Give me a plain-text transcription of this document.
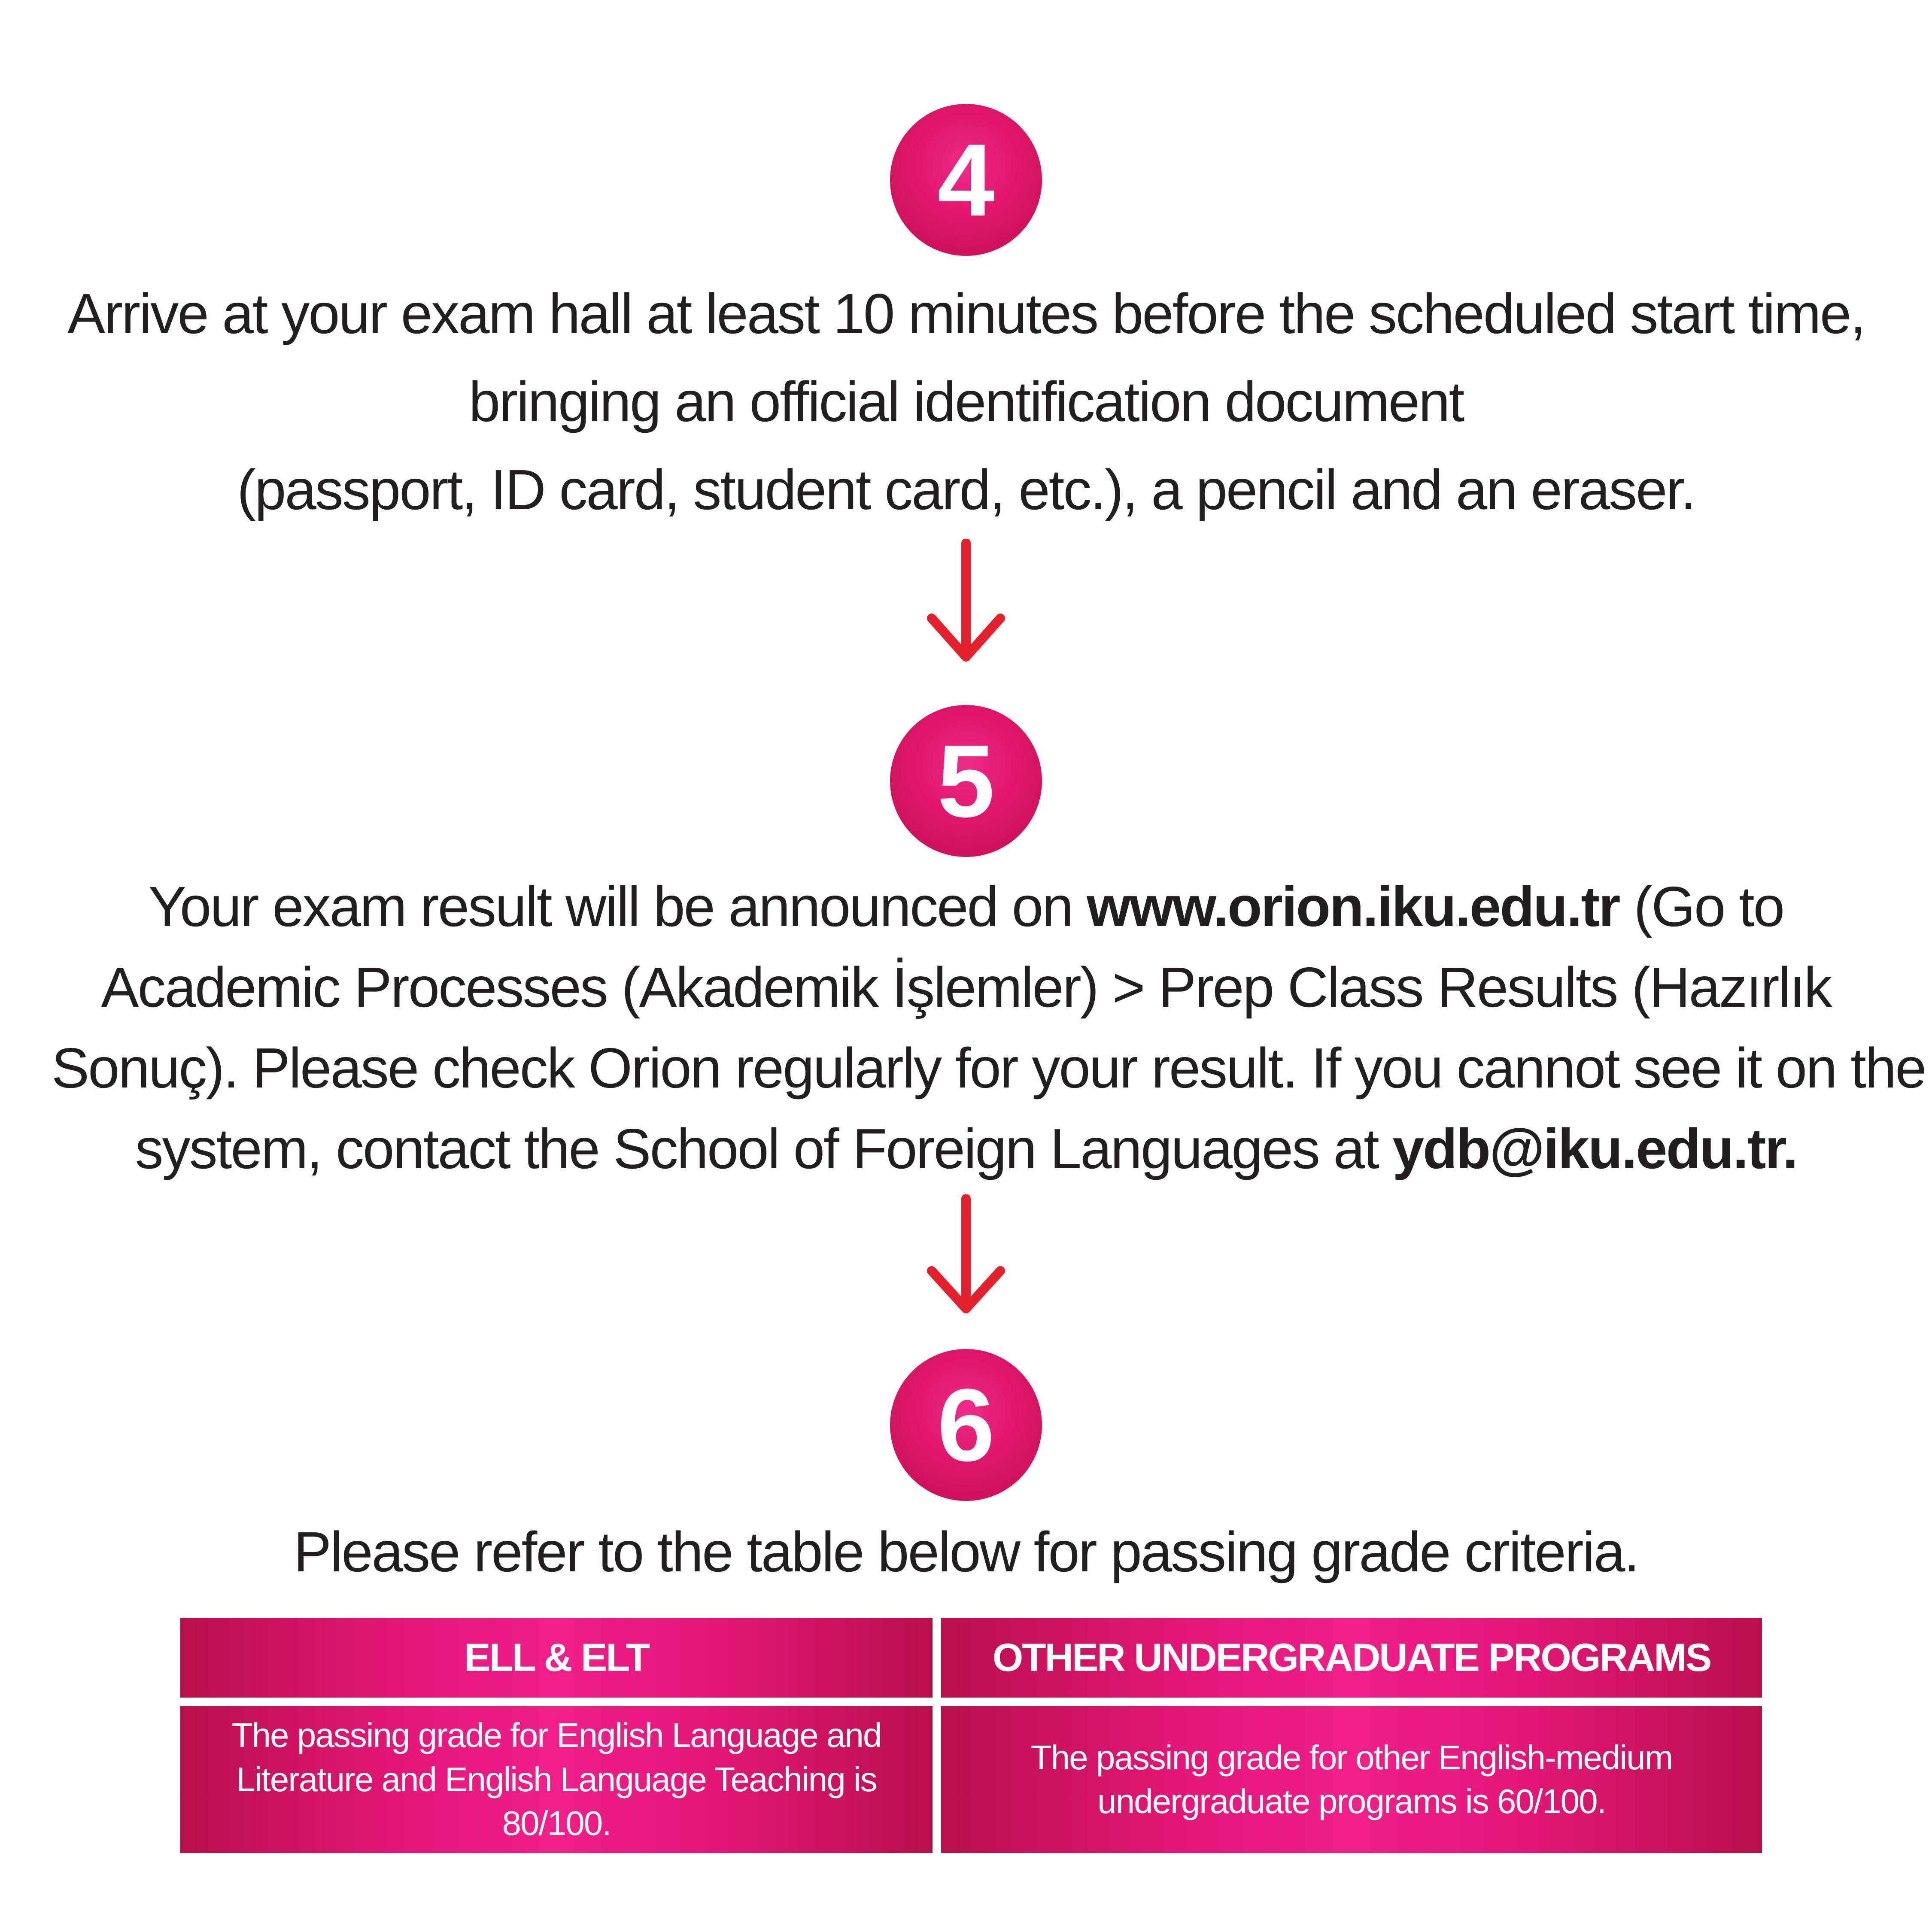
4
Arrive at your exam hall at least 10 minutes before the scheduled start time,
bringing an official identification document
(passport, ID card, student card, etc.), a pencil and an eraser.
5
Your exam result will be announced on www.orion.iku.edu.tr (Go to
Academic Processes (Akademik İşlemler) > Prep Class Results (Hazırlık
Sonuç). Please check Orion regularly for your result. If you cannot see it on the
system, contact the School of Foreign Languages at ydb@iku.edu.tr.
6
Please refer to the table below for passing grade criteria.
ELL & ELT	OTHER UNDERGRADUATE PROGRAMS
The passing grade for English Language and
Literature and English Language Teaching is 80/100.
The passing grade for other English-medium
undergraduate programs is 60/100.
